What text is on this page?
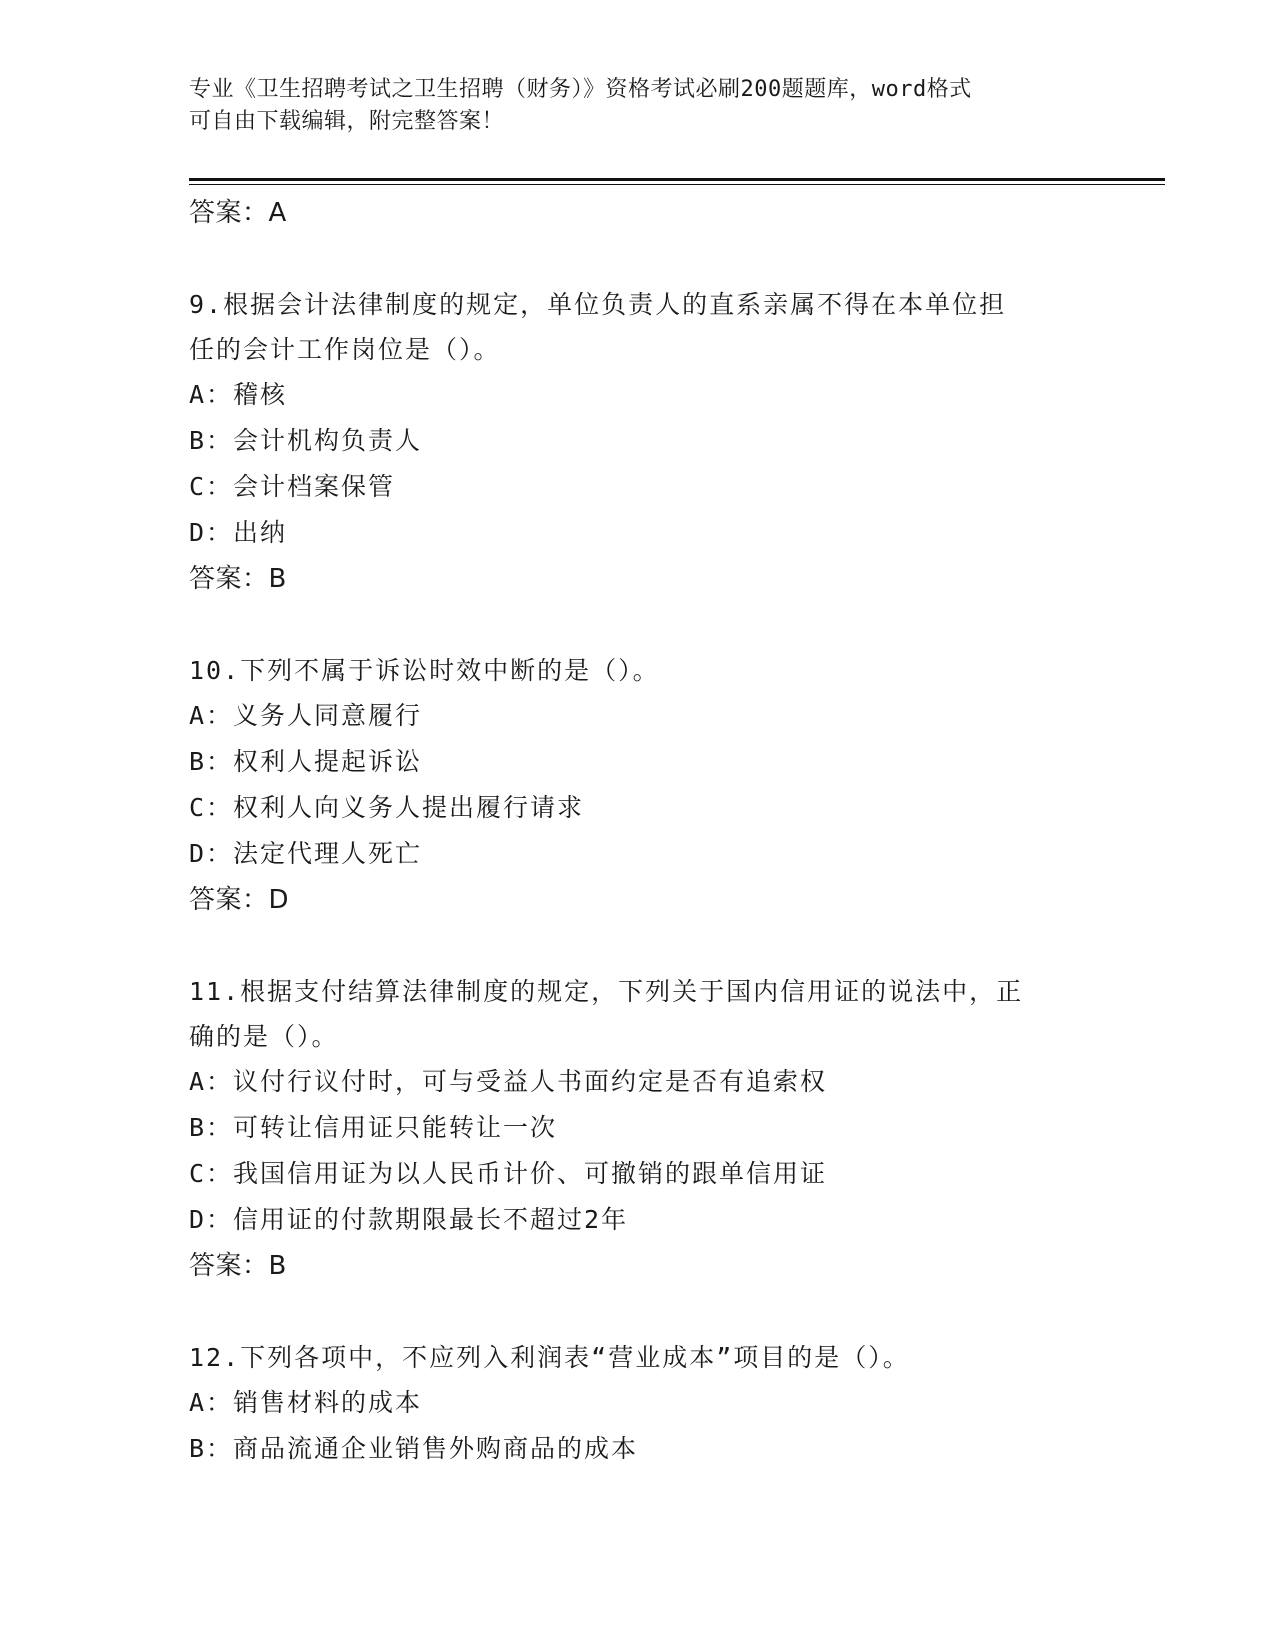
专业《卫生招聘考试之卫生招聘（财务）》资格考试必刷200题题库，word格式
可自由下载编辑，附完整答案！

答案：A

9.根据会计法律制度的规定，单位负责人的直系亲属不得在本单位担

任的会计工作岗位是（）。

A：稽核

B：会计机构负责人

C：会计档案保管

D：出纳

答案：B

10.下列不属于诉讼时效中断的是（）。

A：义务人同意履行

B：权利人提起诉讼

C：权利人向义务人提出履行请求

D：法定代理人死亡

答案：D

11.根据支付结算法律制度的规定，下列关于国内信用证的说法中，正

确的是（）。

A：议付行议付时，可与受益人书面约定是否有追索权

B：可转让信用证只能转让一次

C：我国信用证为以人民币计价、可撤销的跟单信用证

D：信用证的付款期限最长不超过2年

答案：B

12.下列各项中，不应列入利润表“营业成本”项目的是（）。

A：销售材料的成本

B：商品流通企业销售外购商品的成本
